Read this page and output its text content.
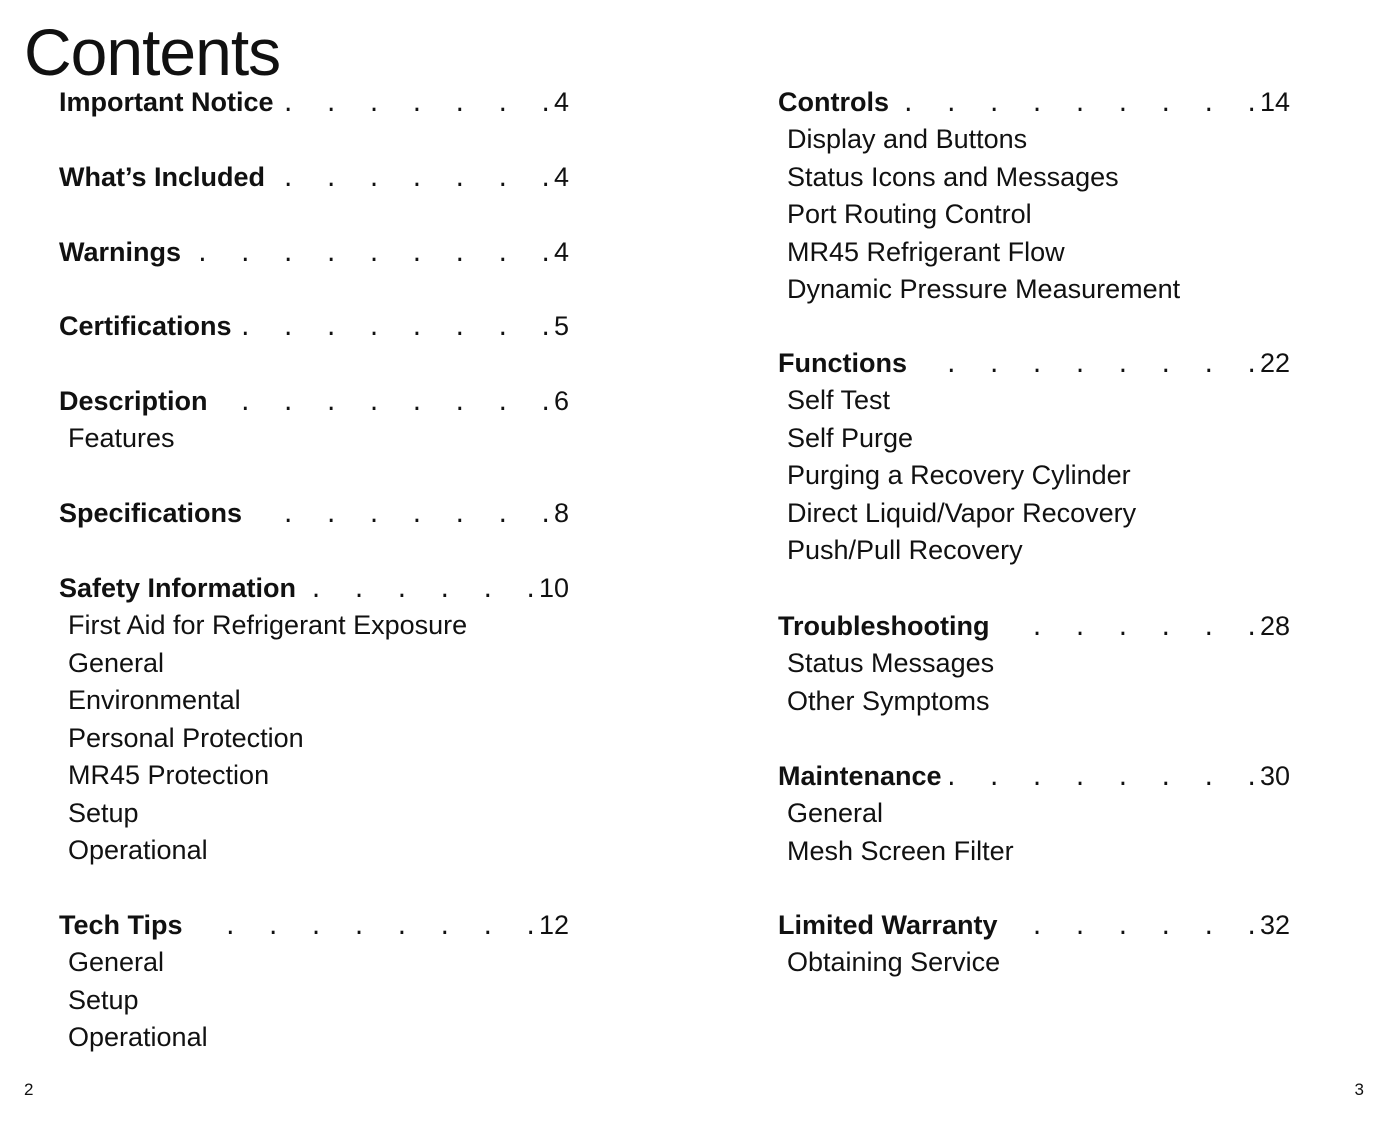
Contents
Important Notice .	4
What’s Included .	4
Warnings .	4
Certifications .	5
Description .	6
Features
Specifications .	8
Safety Information .	10
First Aid for Refrigerant Exposure
General
Environmental
Personal Protection
MR45 Protection
Setup
Operational
Tech Tips .	12
General
Setup
Operational
Controls .	14
Display and Buttons
Status Icons and Messages
Port Routing Control
MR45 Refrigerant Flow
Dynamic Pressure Measurement
Functions .	22
Self Test
Self Purge
Purging a Recovery Cylinder
Direct Liquid/Vapor Recovery
Push/Pull Recovery
Troubleshooting .	28
Status Messages
Other Symptoms
Maintenance .	30
General
Mesh Screen Filter
Limited Warranty .	32
Obtaining Service
2	3
